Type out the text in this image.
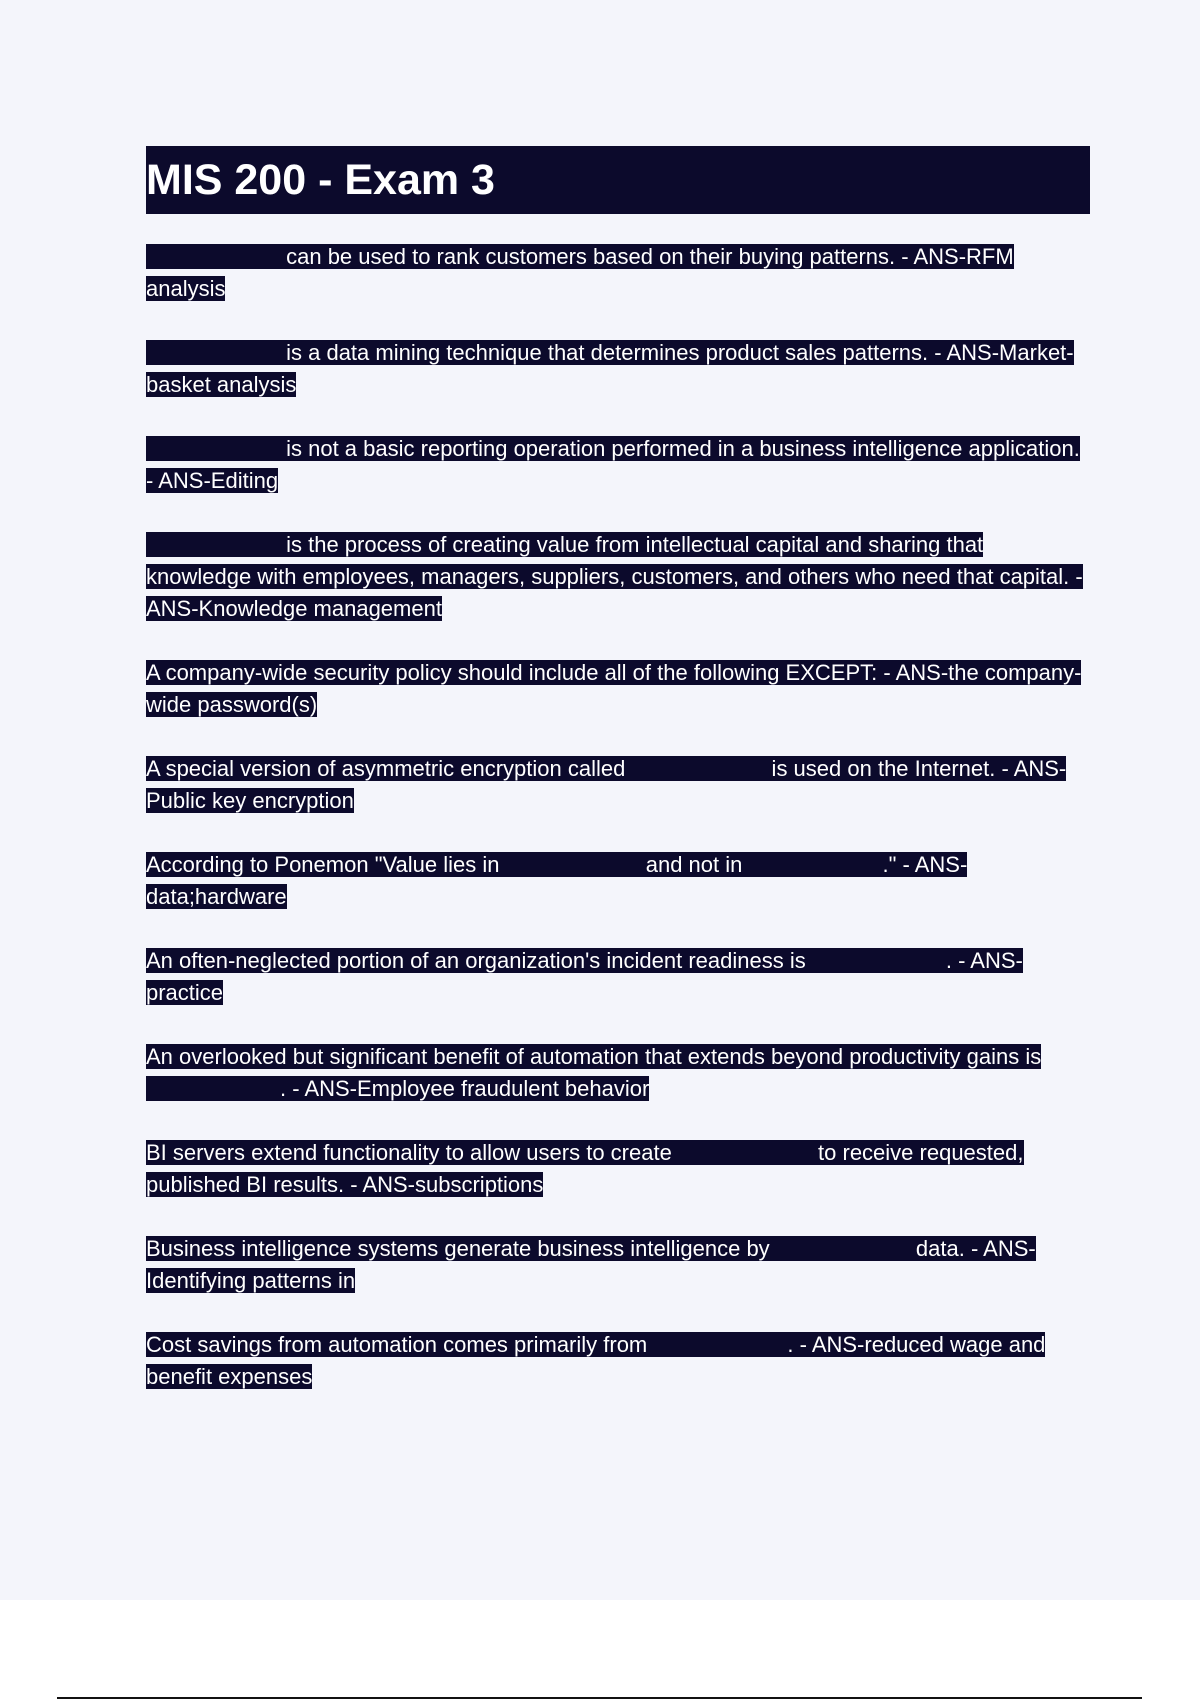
MIS 200 - Exam 3

can be used to rank customers based on their buying patterns. - ANS-RFM analysis

is a data mining technique that determines product sales patterns. - ANS-Market-basket analysis

is not a basic reporting operation performed in a business intelligence application. - ANS-Editing

is the process of creating value from intellectual capital and sharing that knowledge with employees, managers, suppliers, customers, and others who need that capital. - ANS-Knowledge management

A company-wide security policy should include all of the following EXCEPT: - ANS-the company-wide password(s)

A special version of asymmetric encryption called	is used on the Internet. - ANS-Public key encryption

According to Ponemon "Value lies in	and not in	." - ANS-data;hardware

An often-neglected portion of an organization's incident readiness is	. - ANS-practice

An overlooked but significant benefit of automation that extends beyond productivity gains is . - ANS-Employee fraudulent behavior

BI servers extend functionality to allow users to create	to receive requested, published BI results. - ANS-subscriptions

Business intelligence systems generate business intelligence by	data. - ANS-Identifying patterns in

Cost savings from automation comes primarily from	. - ANS-reduced wage and benefit expenses
